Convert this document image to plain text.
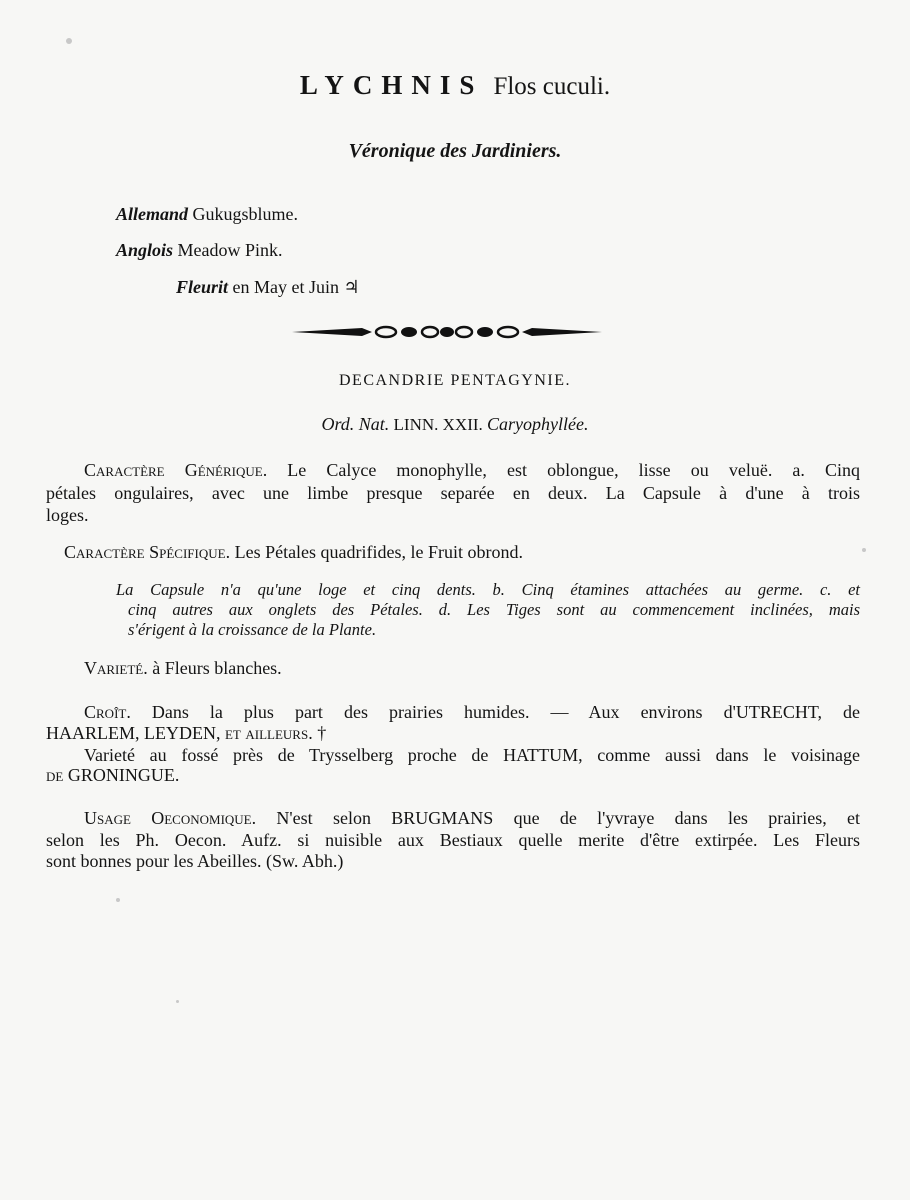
LYCHNIS Flos cuculi.
Véronique des Jardiniers.
Allemand Gukugsblume.
Anglois Meadow Pink.
Fleurit en May et Juin ♃
DECANDRIE PENTAGYNIE.
Ord. Nat. LINN. XXII. Caryophyllée.
Caractère Générique. Le Calyce monophylle, est oblongue, lisse ou veluë. a. Cinq
pétales ongulaires, avec une limbe presque separée en deux. La Capsule à d'une à trois
loges.
Caractère Spécifique. Les Pétales quadrifides, le Fruit obrond.
La Capsule n'a qu'une loge et cinq dents. b. Cinq étamines attachées au germe. c. et
cinq autres aux onglets des Pétales. d. Les Tiges sont au commencement inclinées, mais
s'érigent à la croissance de la Plante.
Varieté. à Fleurs blanches.
Croît. Dans la plus part des prairies humides. — Aux environs d'UTRECHT, de
HAARLEM, LEYDEN, et ailleurs. †
Varieté au fossé près de Trysselberg proche de HATTUM, comme aussi dans le voisinage
de GRONINGUE.
Usage Oeconomique. N'est selon BRUGMANS que de l'yvraye dans les prairies, et
selon les Ph. Oecon. Aufz. si nuisible aux Bestiaux quelle merite d'être extirpée. Les Fleurs
sont bonnes pour les Abeilles. (Sw. Abh.)
